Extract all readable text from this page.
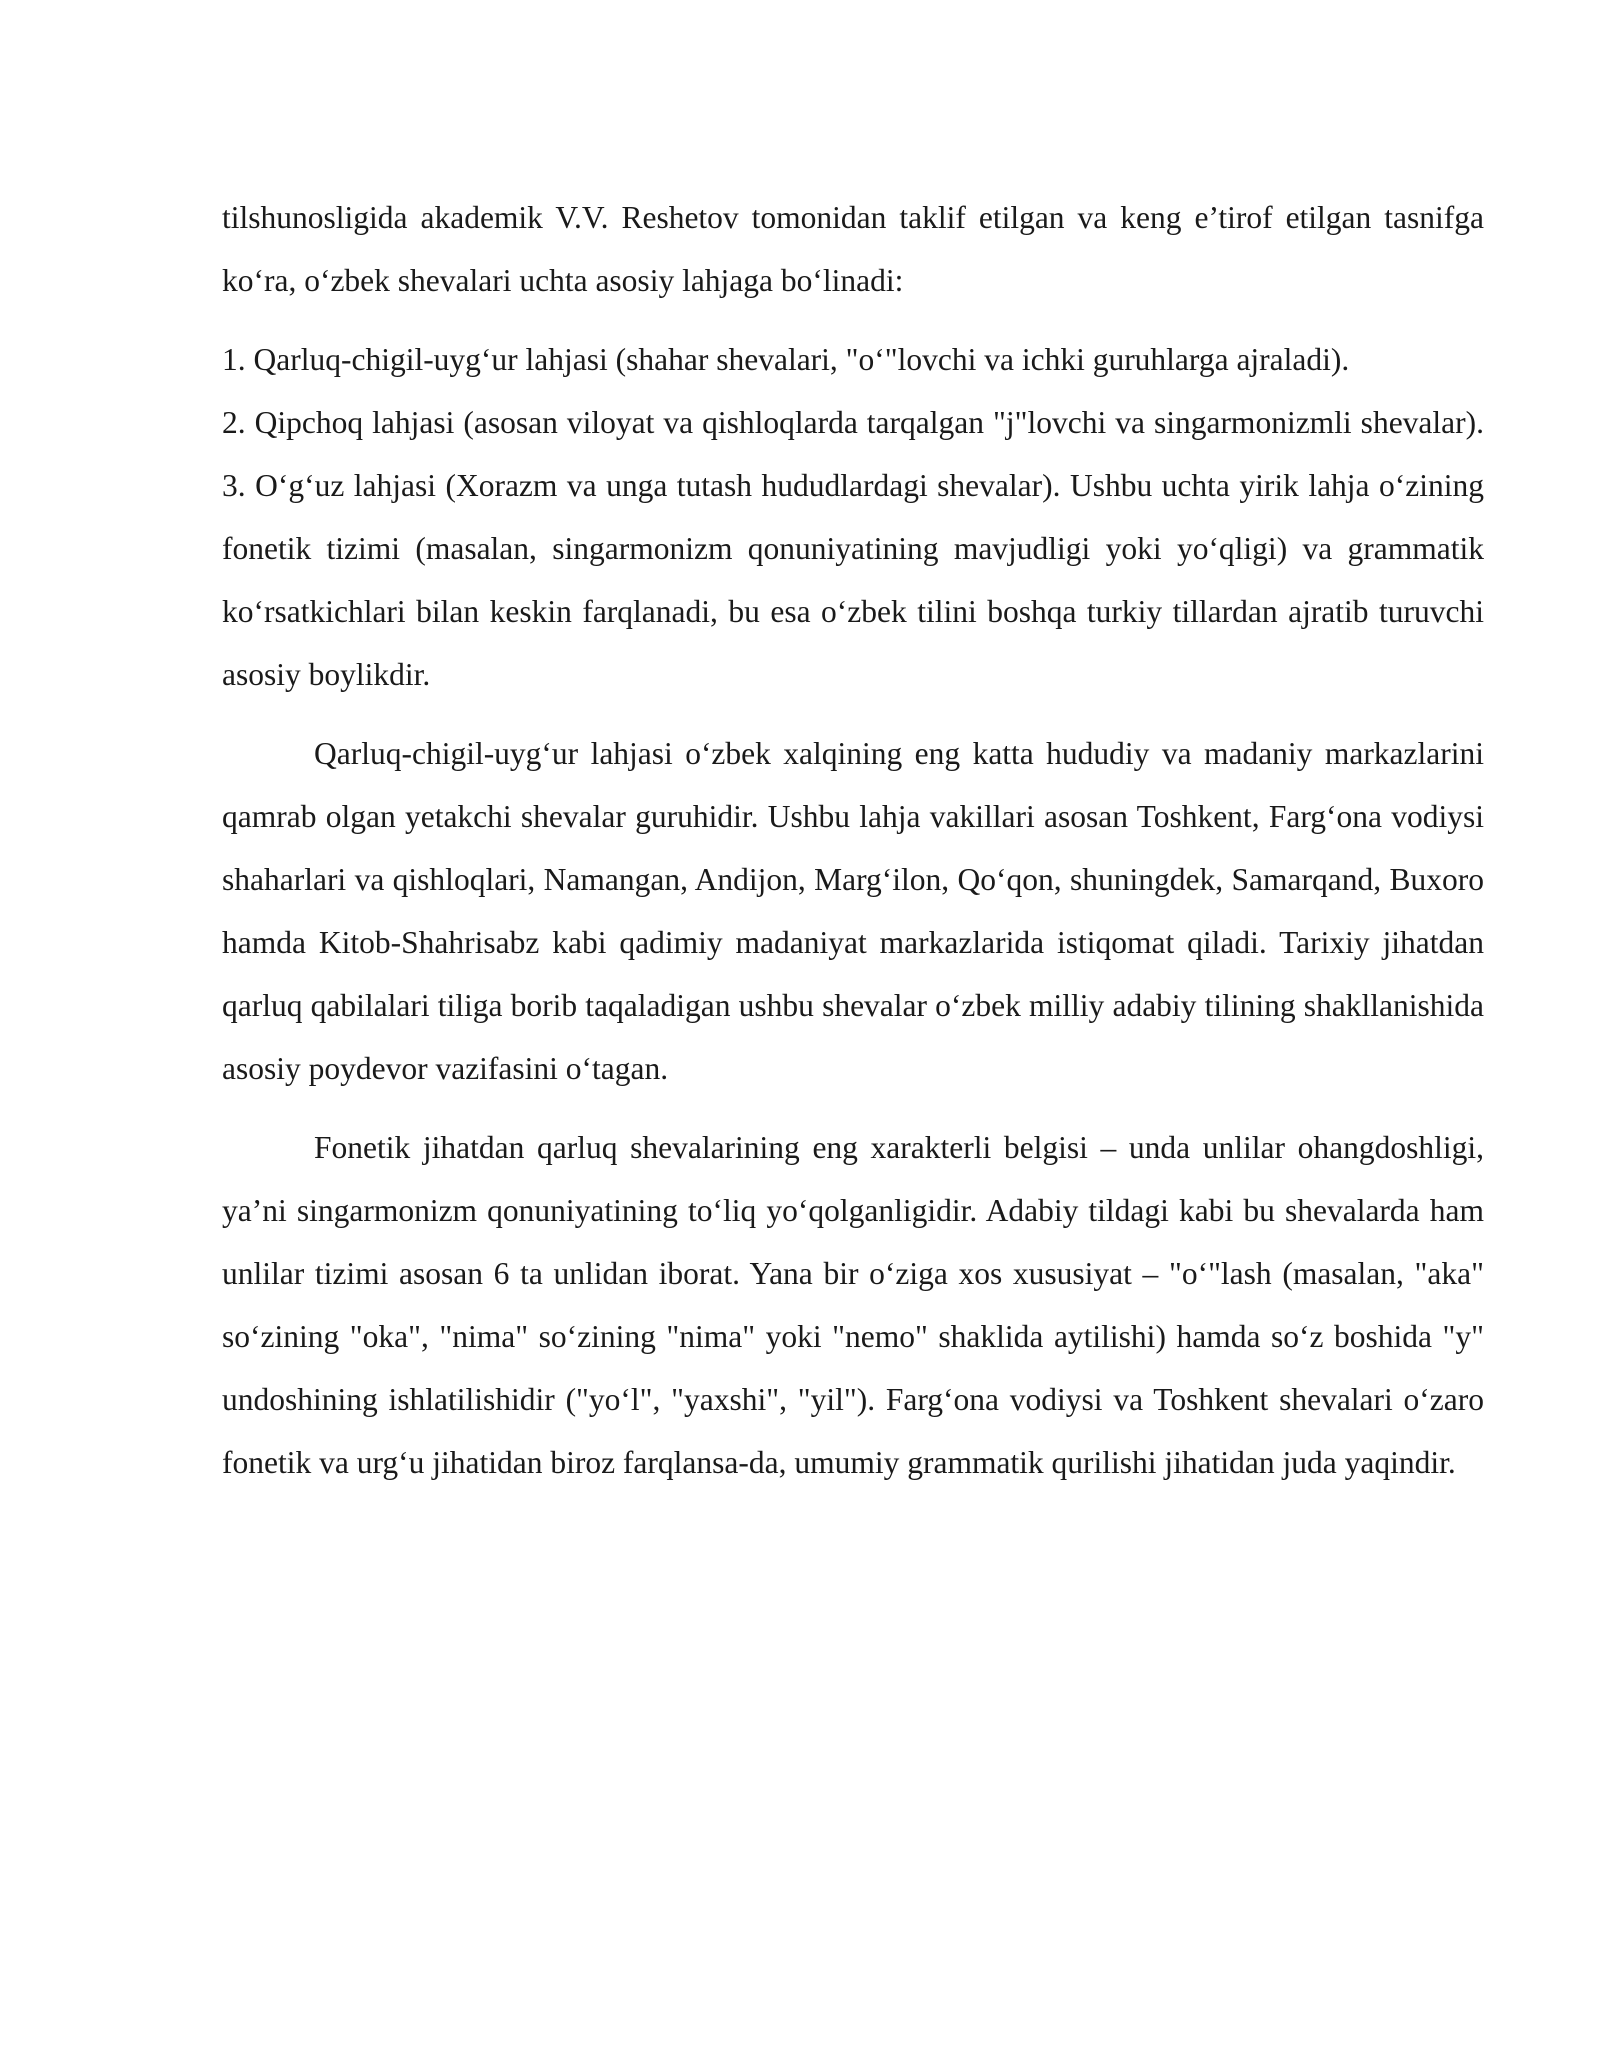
tilshunosligida akademik V.V. Reshetov tomonidan taklif etilgan va keng e’tirof etilgan tasnifga ko‘ra, o‘zbek shevalari uchta asosiy lahjaga bo‘linadi:

1. Qarluq-chigil-uyg‘ur lahjasi (shahar shevalari, "o‘"lovchi va ichki guruhlarga ajraladi).

2. Qipchoq lahjasi (asosan viloyat va qishloqlarda tarqalgan "j"lovchi va singarmonizmli shevalar).

3. O‘g‘uz lahjasi (Xorazm va unga tutash hududlardagi shevalar). Ushbu uchta yirik lahja o‘zining fonetik tizimi (masalan, singarmonizm qonuniyatining mavjudligi yoki yo‘qligi) va grammatik ko‘rsatkichlari bilan keskin farqlanadi, bu esa o‘zbek tilini boshqa turkiy tillardan ajratib turuvchi asosiy boylikdir.

Qarluq-chigil-uyg‘ur lahjasi o‘zbek xalqining eng katta hududiy va madaniy markazlarini qamrab olgan yetakchi shevalar guruhidir. Ushbu lahja vakillari asosan Toshkent, Farg‘ona vodiysi shaharlari va qishloqlari, Namangan, Andijon, Marg‘ilon, Qo‘qon, shuningdek, Samarqand, Buxoro hamda Kitob-Shahrisabz kabi qadimiy madaniyat markazlarida istiqomat qiladi. Tarixiy jihatdan qarluq qabilalari tiliga borib taqaladigan ushbu shevalar o‘zbek milliy adabiy tilining shakllanishida asosiy poydevor vazifasini o‘tagan.

Fonetik jihatdan qarluq shevalarining eng xarakterli belgisi – unda unlilar ohangdoshligi, ya’ni singarmonizm qonuniyatining to‘liq yo‘qolganligidir. Adabiy tildagi kabi bu shevalarda ham unlilar tizimi asosan 6 ta unlidan iborat. Yana bir o‘ziga xos xususiyat – "o‘"lash (masalan, "aka" so‘zining "oka", "nima" so‘zining "nima" yoki "nemo" shaklida aytilishi) hamda so‘z boshida "y" undoshining ishlatilishidir ("yo‘l", "yaxshi", "yil"). Farg‘ona vodiysi va Toshkent shevalari o‘zaro fonetik va urg‘u jihatidan biroz farqlansa-da, umumiy grammatik qurilishi jihatidan juda yaqindir.
